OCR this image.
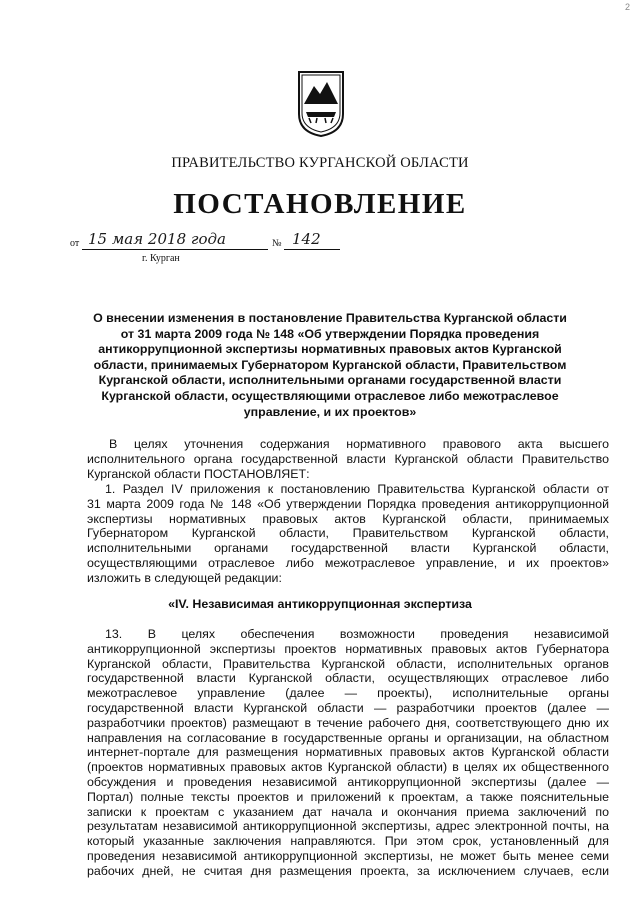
2
ПРАВИТЕЛЬСТВО КУРГАНСКОЙ ОБЛАСТИ
ПОСТАНОВЛЕНИЕ
от 15 мая 2018 года	№ 142
г. Курган
О внесении изменения в постановление Правительства Курганской области
от 31 марта 2009 года № 148 «Об утверждении Порядка проведения
антикоррупционной экспертизы нормативных правовых актов Курганской
области, принимаемых Губернатором Курганской области, Правительством
Курганской области, исполнительными органами государственной власти
Курганской области, осуществляющими отраслевое либо межотраслевое
управление, и их проектов»
В целях уточнения содержания нормативного правового акта высшего
исполнительного органа государственной власти Курганской области Правительство
Курганской области ПОСТАНОВЛЯЕТ:
1. Раздел IV приложения к постановлению Правительства Курганской области от
31 марта 2009 года № 148 «Об утверждении Порядка проведения антикоррупционной
экспертизы нормативных правовых актов Курганской области, принимаемых
Губернатором Курганской области, Правительством Курганской области,
исполнительными органами государственной власти Курганской области,
осуществляющими отраслевое либо межотраслевое управление, и их проектов»
изложить в следующей редакции:
«IV. Независимая антикоррупционная экспертиза
13. В целях обеспечения возможности проведения независимой
антикоррупционной экспертизы проектов нормативных правовых актов Губернатора
Курганской области, Правительства Курганской области, исполнительных органов
государственной власти Курганской области, осуществляющих отраслевое либо
межотраслевое управление (далее — проекты), исполнительные органы
государственной власти Курганской области — разработчики проектов (далее —
разработчики проектов) размещают в течение рабочего дня, соответствующего дню их
направления на согласование в государственные органы и организации, на областном
интернет-портале для размещения нормативных правовых актов Курганской области
(проектов нормативных правовых актов Курганской области) в целях их общественного
обсуждения и проведения независимой антикоррупционной экспертизы (далее —
Портал) полные тексты проектов и приложений к проектам, а также пояснительные
записки к проектам с указанием дат начала и окончания приема заключений по
результатам независимой антикоррупционной экспертизы, адрес электронной почты, на
который указанные заключения направляются. При этом срок, установленный для
проведения независимой антикоррупционной экспертизы, не может быть менее семи
рабочих дней, не считая дня размещения проекта, за исключением случаев, если
